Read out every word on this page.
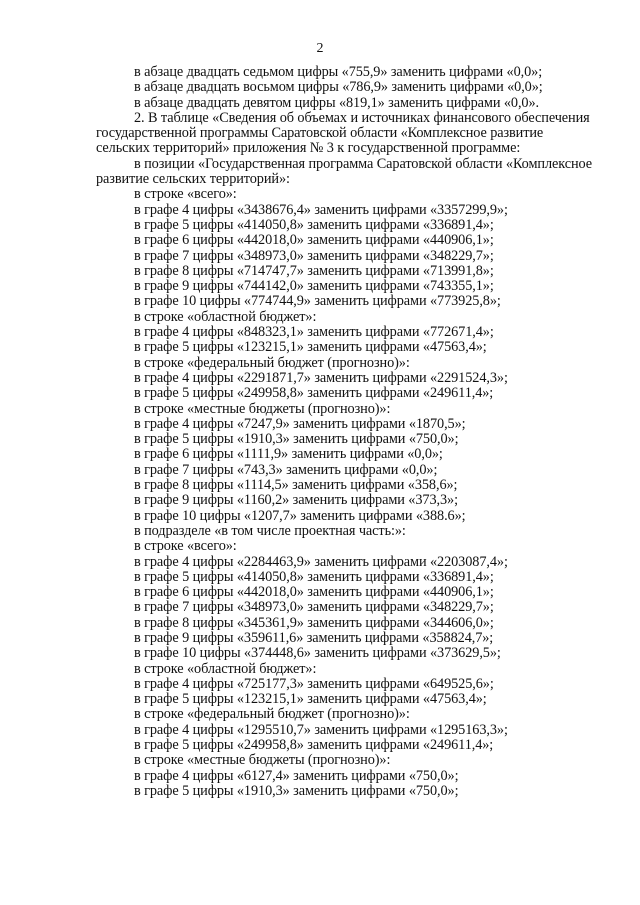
2
в абзаце двадцать седьмом цифры «755,9» заменить цифрами «0,0»;
в абзаце двадцать восьмом цифры «786,9» заменить цифрами «0,0»;
в абзаце двадцать девятом цифры «819,1» заменить цифрами «0,0».
2. В таблице «Сведения об объемах и источниках финансового обеспечения
государственной программы Саратовской области «Комплексное развитие
сельских территорий» приложения № 3 к государственной программе:
в позиции «Государственная программа Саратовской области «Комплексное
развитие сельских территорий»:
в строке «всего»:
в графе 4 цифры «3438676,4» заменить цифрами «3357299,9»;
в графе 5 цифры «414050,8» заменить цифрами «336891,4»;
в графе 6 цифры «442018,0» заменить цифрами «440906,1»;
в графе 7 цифры «348973,0» заменить цифрами «348229,7»;
в графе 8 цифры «714747,7» заменить цифрами «713991,8»;
в графе 9 цифры «744142,0» заменить цифрами «743355,1»;
в графе 10 цифры «774744,9» заменить цифрами «773925,8»;
в строке «областной бюджет»:
в графе 4 цифры «848323,1» заменить цифрами «772671,4»;
в графе 5 цифры «123215,1» заменить цифрами «47563,4»;
в строке «федеральный бюджет (прогнозно)»:
в графе 4 цифры «2291871,7» заменить цифрами «2291524,3»;
в графе 5 цифры «249958,8» заменить цифрами «249611,4»;
в строке «местные бюджеты (прогнозно)»:
в графе 4 цифры «7247,9» заменить цифрами «1870,5»;
в графе 5 цифры «1910,3» заменить цифрами «750,0»;
в графе 6 цифры «1111,9» заменить цифрами «0,0»;
в графе 7 цифры «743,3» заменить цифрами «0,0»;
в графе 8 цифры «1114,5» заменить цифрами «358,6»;
в графе 9 цифры «1160,2» заменить цифрами «373,3»;
в графе 10 цифры «1207,7» заменить цифрами «388.6»;
в подразделе «в том числе проектная часть:»:
в строке «всего»:
в графе 4 цифры «2284463,9» заменить цифрами «2203087,4»;
в графе 5 цифры «414050,8» заменить цифрами «336891,4»;
в графе 6 цифры «442018,0» заменить цифрами «440906,1»;
в графе 7 цифры «348973,0» заменить цифрами «348229,7»;
в графе 8 цифры «345361,9» заменить цифрами «344606,0»;
в графе 9 цифры «359611,6» заменить цифрами «358824,7»;
в графе 10 цифры «374448,6» заменить цифрами «373629,5»;
в строке «областной бюджет»:
в графе 4 цифры «725177,3» заменить цифрами «649525,6»;
в графе 5 цифры «123215,1» заменить цифрами «47563,4»;
в строке «федеральный бюджет (прогнозно)»:
в графе 4 цифры «1295510,7» заменить цифрами «1295163,3»;
в графе 5 цифры «249958,8» заменить цифрами «249611,4»;
в строке «местные бюджеты (прогнозно)»:
в графе 4 цифры «6127,4» заменить цифрами «750,0»;
в графе 5 цифры «1910,3» заменить цифрами «750,0»;
